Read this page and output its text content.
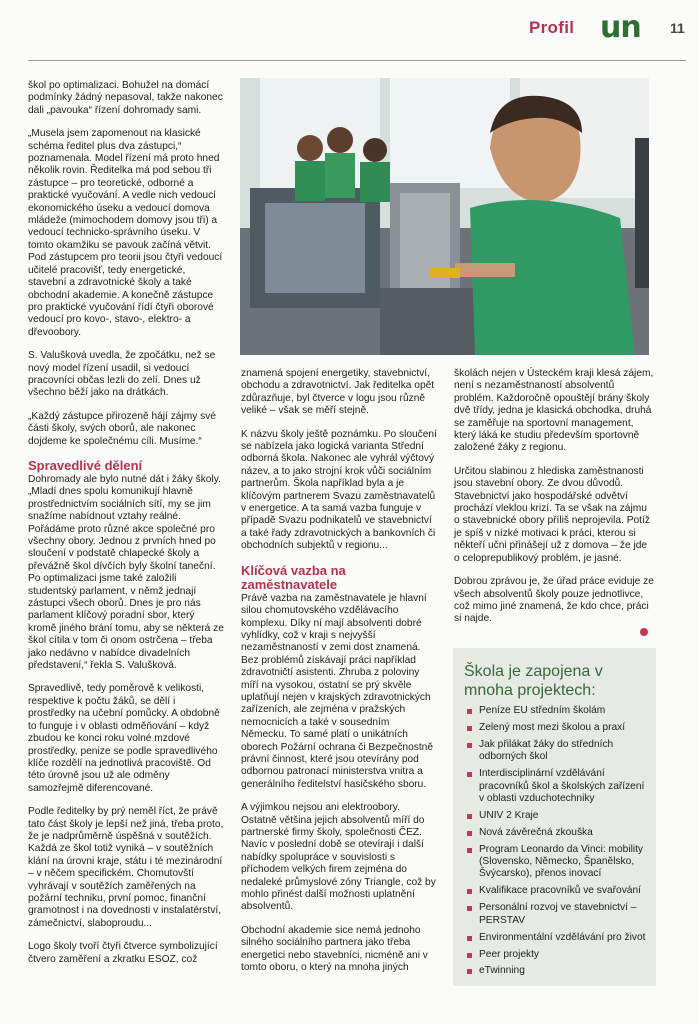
Profil un 11

škol po optimalizaci. Bohužel na domácí podmínky žádný nepasoval, takže nakonec dali „pavouka“ řízení dohromady sami.

„Musela jsem zapomenout na klasické schéma ředitel plus dva zástupci,“ poznamenala. Model řízení má proto hned několik rovin. Ředitelka má pod sebou tři zástupce – pro teoretické, odborné a praktické vyučování. A vedle nich vedoucí ekonomického úseku a vedoucí domova mládeže (mimochodem domovy jsou tři) a vedoucí technicko-správního úseku. V tomto okamžiku se pavouk začíná větvit. Pod zástupcem pro teorii jsou čtyři vedoucí učitelé pracovišť, tedy energetické, stavební a zdravotnické školy a také obchodní akademie. A konečně zástupce pro praktické vyučování řídí čtyři oborové vedoucí pro kovo-, stavo-, elektro- a dřevoobory.

S. Valušková uvedla, že zpočátku, než se nový model řízení usadil, si vedoucí pracovníci občas lezli do zelí. Dnes už všechno běží jako na drátkách.

„Každý zástupce přirozeně hájí zájmy své části školy, svých oborů, ale nakonec dojdeme ke společnému cíli. Musíme.“

Spravedlivé dělení

Dohromady ale bylo nutné dát i žáky školy. „Mladí dnes spolu komunikují hlavně prostřednictvím sociálních sítí, my se jim snažíme nabídnout vztahy reálné. Pořádáme proto různé akce společné pro všechny obory. Jednou z prvních hned po sloučení v podstatě chlapecké školy a převážně škol dívčích byly školní taneční. Po optimalizaci jsme také založili studentský parlament, v němž jednají zástupci všech oborů. Dnes je pro nás parlament klíčový poradní sbor, který kromě jiného brání tomu, aby se některá ze škol cítila v tom či onom ostrčena – třeba jako nedávno v nabídce divadelních představení,“ řekla S. Valušková.

Spravedlivě, tedy poměrově k velikosti, respektive k počtu žáků, se dělí i prostředky na učební pomůcky. A obdobně to funguje i v oblasti odměňování – když zbudou ke konci roku volné mzdové prostředky, penize se podle spravedlivého klíče rozdělí na jednotlivá pracoviště. Od této úrovně jsou už ale odměny samozřejmě diferencované.

Podle ředitelky by prý neměl říct, že právě tato část školy je lepší než jiná, třeba proto, že je nadprůměrně úspěšná v soutěžích. Každá ze škol totiž vyniká – v soutěžních klání na úrovni kraje, státu i té mezinárodní – v něčem specifickém. Chomutovští vyhrávají v soutěžích zaměřených na požární techniku, první pomoc, finanční gramotnost i na dovednosti v instalatérství, zámečnictví, slaboproudu...

Logo školy tvoří čtyři čtverce symbolizující čtvero zaměření a zkratku ESOZ, což

znamená spojení energetiky, stavebnictví, obchodu a zdravotnictví. Jak ředitelka opět zdůrazňuje, byl čtverce v logu jsou různě veliké – však se měří stejně.

K názvu školy ještě poznámku. Po sloučení se nabízela jako logická varianta Střední odborná škola. Nakonec ale vyhrál výčtový název, a to jako strojní krok vůči sociálním partnerům. Škola například byla a je klíčovým partnerem Svazu zaměstnavatelů v energetice. A ta samá vazba funguje v případě Svazu podnikatelů ve stavebnictví a také řady zdravotnických a bankovních či obchodních subjektů v regionu...

Klíčová vazba na zaměstnavatele

Právě vazba na zaměstnavatele je hlavní silou chomutovského vzdělávacího komplexu. Díky ní mají absolventi dobré vyhlídky, což v kraji s nejvyšší nezaměstnaností v zemi dost znamená. Bez problémů získávají práci například zdravotničtí asistenti. Zhruba z poloviny míří na vysokou, ostatní se prý skvěle uplatňují nejen v krajských zdravotnických zařízeních, ale zejména v pražských nemocnicích a také v sousedním Německu. To samé platí o unikátních oborech Požární ochrana či Bezpečnostně právní činnost, které jsou otevírány pod odbornou patronací ministerstva vnitra a generálního ředitelství hasičského sboru.

A výjimkou nejsou ani elektroobory. Ostatně většina jejich absolventů míří do partnerské firmy školy, společnosti ČEZ. Navíc v poslední době se otevírají i další nabídky spolupráce v souvislosti s příchodem velkých firem zejména do nedaleké průmyslové zóny Triangle, což by mohlo přinést další možnosti uplatnění absolventů.

Obchodní akademie sice nemá jednoho silného sociálního partnera jako třeba energetici nebo stavebníci, nicméně ani v tomto oboru, o který na mnoha jiných

školách nejen v Ústeckém kraji klesá zájem, není s nezaměstnaností absolventů problém. Každoročně opouštějí brány školy dvě třídy, jedna je klasická obchodka, druhá se zaměřuje na sportovní management, který láká ke studiu především sportovně založené žáky z regionu.

Určitou slabinou z hlediska zaměstnanosti jsou stavební obory. Ze dvou důvodů. Stavebnictví jako hospodářské odvětví prochází vleklou krizí. Ta se však na zájmu o stavebnické obory příliš neprojevila. Potíž je spíš v nízké motivaci k práci, kterou si někteří učni přinášejí už z domova – že jde o celoprepublikový problém, je jasné.

Dobrou zprávou je, že úřad práce eviduje ze všech absolventů školy pouze jednotlivce, což mimo jiné znamená, že kdo chce, práci si najde.

Škola je zapojena v mnoha projektech:
Peníze EU středním školám
Zelený most mezi školou a praxí
Jak přilákat žáky do středních odborných škol
Interdisciplinární vzdělávání pracovníků škol a školských zařízení v oblasti vzduchotechniky
UNIV 2 Kraje
Nová závěrečná zkouška
Program Leonardo da Vinci: mobility (Slovensko, Německo, Španělsko, Švýcarsko), přenos inovací
Kvalifikace pracovníků ve svařování
Personální rozvoj ve stavebnictví – PERSTAV
Environmentální vzdělávání pro život
Peer projekty
eTwinning
